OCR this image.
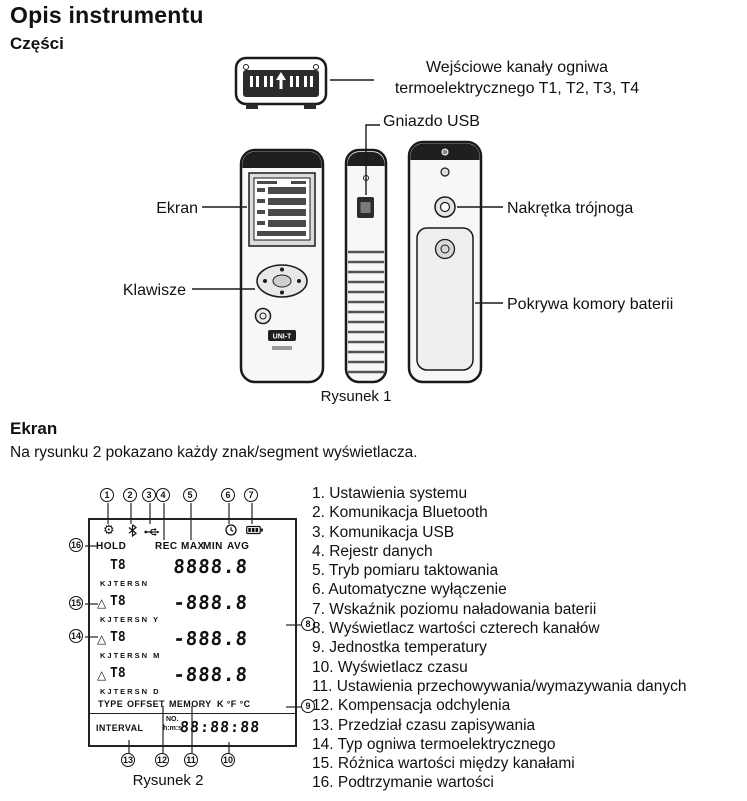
Opis instrumentu
Części
UNI-T
Wejściowe kanały ogniwa termoelektrycznego T1, T2, T3, T4
Gniazdo USB
Ekran	Nakrętka trójnoga
Klawisze
Pokrywa komory baterii
Rysunek 1
Ekran
Na rysunku 2 pokazano każdy znak/segment wyświetlacza.
⚙
HOLD	REC MAX
MIN AVG
T8	8888.8
KJTERSN
△ T8	-888.8
KJTERSN Y
△ T8	-888.8
KJTERSN M
△ T8	-888.8
KJTERSN D
TYPE OFFSET MEMORY K °F °C
INTERVAL
NO.
h:m:s
88:88:88
1	2	3 4	5	6	7
8
9
10
11
12
13
14
15
16
Rysunek 2
1. Ustawienia systemu
2. Komunikacja Bluetooth
3. Komunikacja USB
4. Rejestr danych
5. Tryb pomiaru taktowania
6. Automatyczne wyłączenie
7. Wskaźnik poziomu naładowania baterii
8. Wyświetlacz wartości czterech kanałów
9. Jednostka temperatury
10. Wyświetlacz czasu
11. Ustawienia przechowywania/wymazywania danych
12. Kompensacja odchylenia
13. Przedział czasu zapisywania
14. Typ ogniwa termoelektrycznego
15. Różnica wartości między kanałami
16. Podtrzymanie wartości
